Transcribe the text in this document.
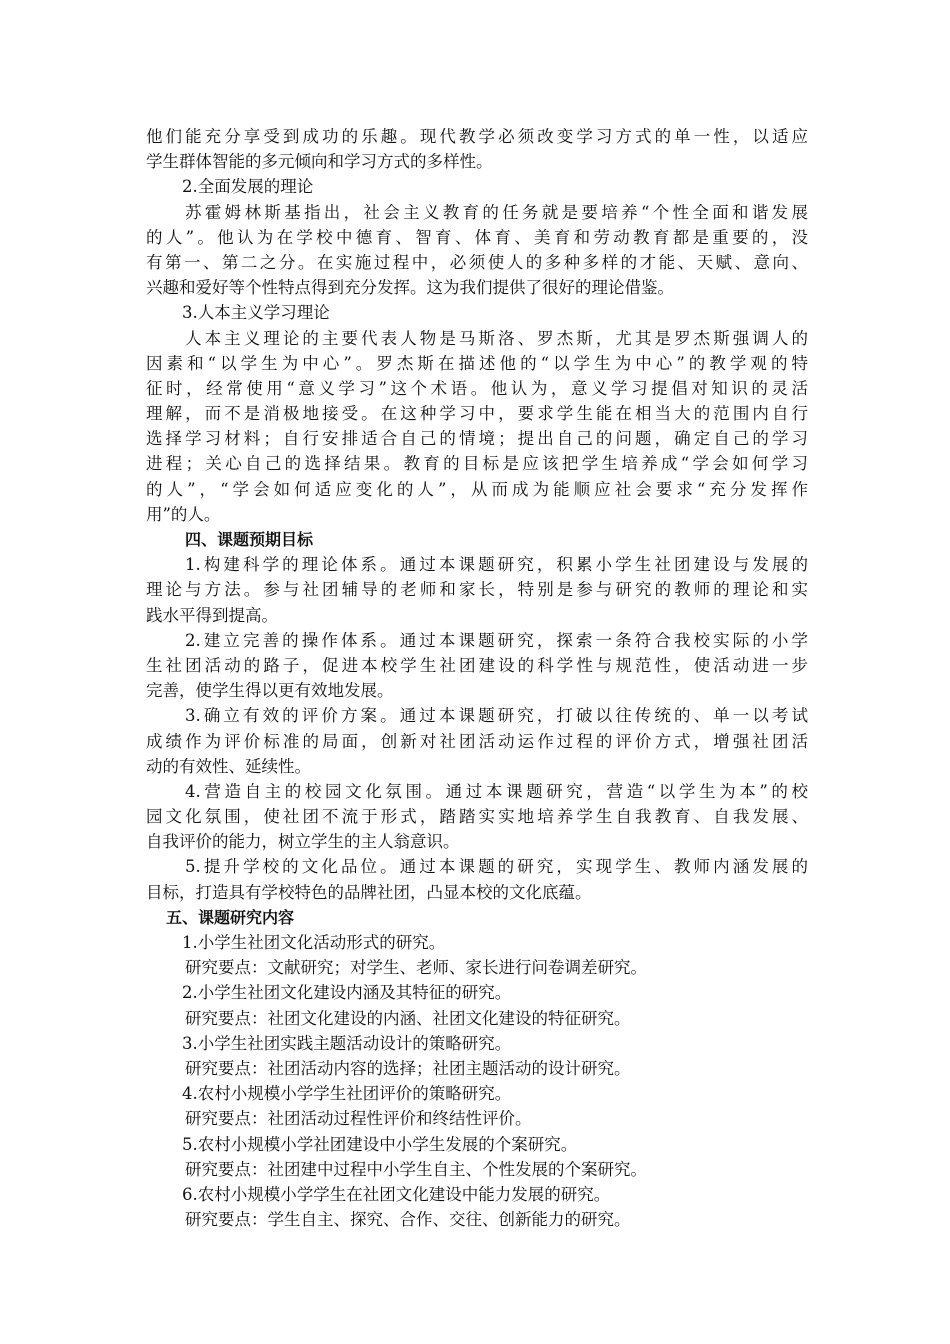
他们能充分享受到成功的乐趣。现代教学必须改变学习方式的单一性，以适应
学生群体智能的多元倾向和学习方式的多样性。
2.全面发展的理论
苏霍姆林斯基指出，社会主义教育的任务就是要培养“个性全面和谐发展
的人”。他认为在学校中德育、智育、体育、美育和劳动教育都是重要的，没
有第一、第二之分。在实施过程中，必须使人的多种多样的才能、天赋、意向、
兴趣和爱好等个性特点得到充分发挥。这为我们提供了很好的理论借鉴。
3.人本主义学习理论
人本主义理论的主要代表人物是马斯洛、罗杰斯，尤其是罗杰斯强调人的
因素和“以学生为中心”。罗杰斯在描述他的“以学生为中心”的教学观的特
征时，经常使用“意义学习”这个术语。他认为，意义学习提倡对知识的灵活
理解，而不是消极地接受。在这种学习中，要求学生能在相当大的范围内自行
选择学习材料；自行安排适合自己的情境；提出自己的问题，确定自己的学习
进程；关心自己的选择结果。教育的目标是应该把学生培养成“学会如何学习
的人”，“学会如何适应变化的人”，从而成为能顺应社会要求“充分发挥作
用”的人。
四、课题预期目标
1.构建科学的理论体系。通过本课题研究，积累小学生社团建设与发展的
理论与方法。参与社团辅导的老师和家长，特别是参与研究的教师的理论和实
践水平得到提高。
2.建立完善的操作体系。通过本课题研究，探索一条符合我校实际的小学
生社团活动的路子，促进本校学生社团建设的科学性与规范性，使活动进一步
完善，使学生得以更有效地发展。
3.确立有效的评价方案。通过本课题研究，打破以往传统的、单一以考试
成绩作为评价标准的局面，创新对社团活动运作过程的评价方式，增强社团活
动的有效性、延续性。
4.营造自主的校园文化氛围。通过本课题研究，营造“以学生为本”的校
园文化氛围，使社团不流于形式，踏踏实实地培养学生自我教育、自我发展、
自我评价的能力，树立学生的主人翁意识。
5.提升学校的文化品位。通过本课题的研究，实现学生、教师内涵发展的
目标，打造具有学校特色的品牌社团，凸显本校的文化底蕴。
五、课题研究内容
1.小学生社团文化活动形式的研究。
研究要点：文献研究；对学生、老师、家长进行问卷调差研究。
2.小学生社团文化建设内涵及其特征的研究。
研究要点：社团文化建设的内涵、社团文化建设的特征研究。
3.小学生社团实践主题活动设计的策略研究。
研究要点：社团活动内容的选择；社团主题活动的设计研究。
4.农村小规模小学学生社团评价的策略研究。
研究要点：社团活动过程性评价和终结性评价。
5.农村小规模小学社团建设中小学生发展的个案研究。
研究要点：社团建中过程中小学生自主、个性发展的个案研究。
6.农村小规模小学学生在社团文化建设中能力发展的研究。
研究要点：学生自主、探究、合作、交往、创新能力的研究。
